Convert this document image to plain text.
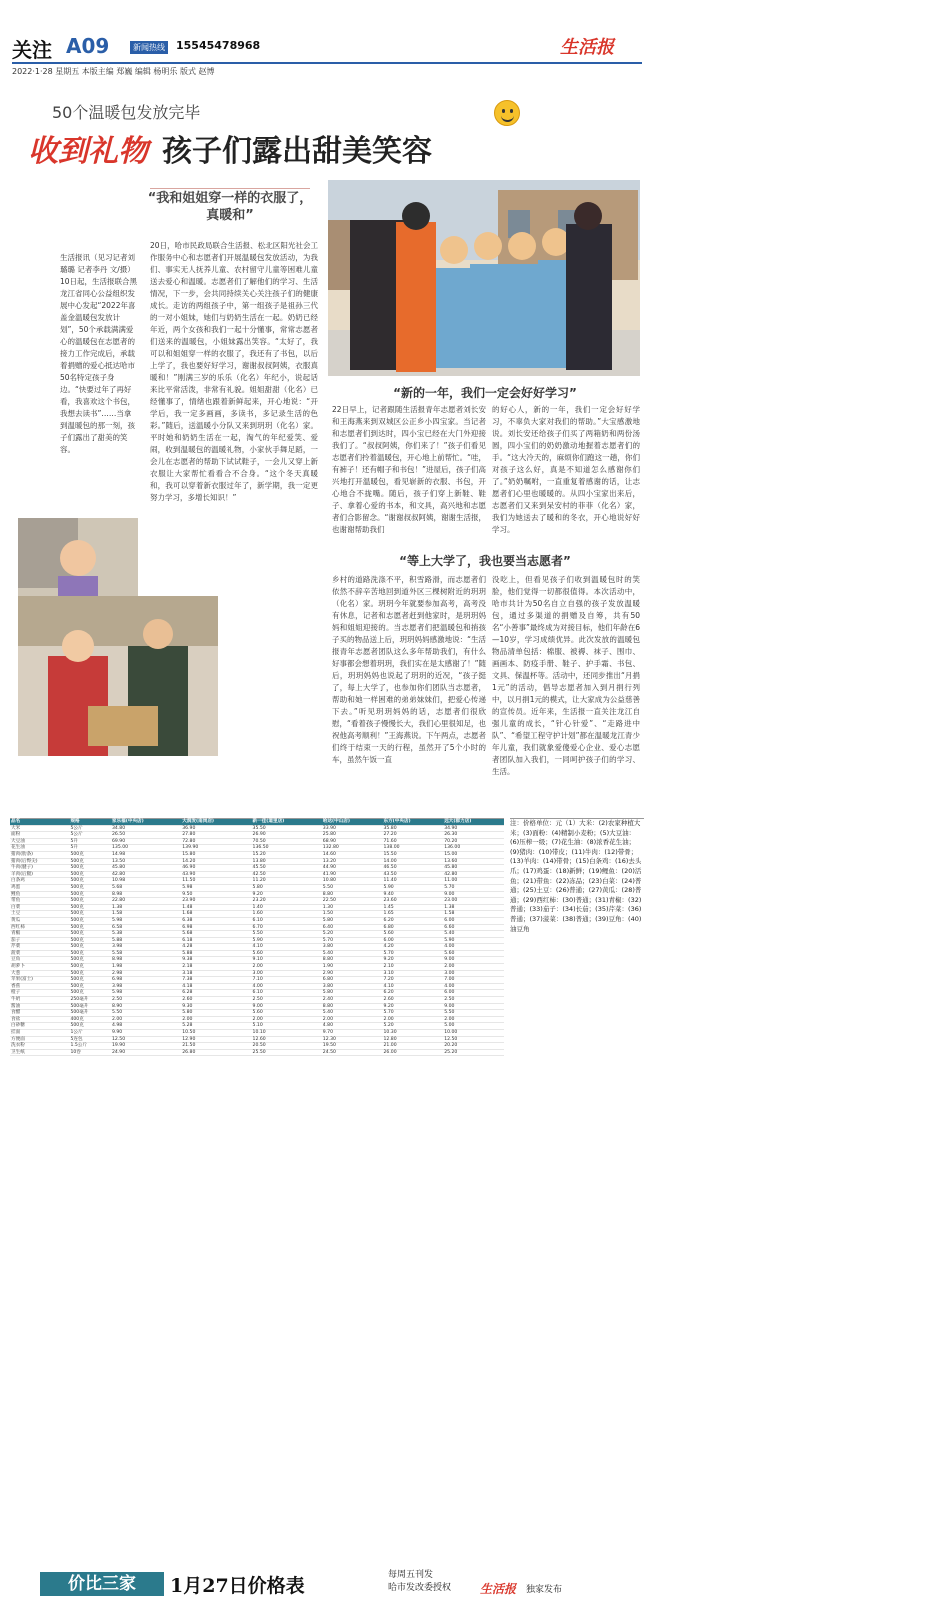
关注 A09	新闻热线 15545478968	生活报
2022·1·28 星期五 本版主编 郑巍 编辑 杨明乐 版式 赵博
50个温暖包发放完毕
收到礼物 孩子们露出甜美笑容
生活报讯（见习记者刘璐璐 记者李丹 文/摄）10日起，生活报联合黑龙江省同心公益组织发展中心发起“2022年喜盖金温暖包发放计划”，50个承载满满爱心的温暖包在志愿者的接力工作完成后，承载着捐赠的爱心抵达哈市50名特定孩子身边。“快要过年了再好看，我喜欢这个书包，我想去读书”……当拿到温暖包的那一刻，孩子们露出了甜美的笑容。
“我和姐姐穿一样的衣服了，真暖和”
20日，哈市民政局联合生活报、松北区阳光社会工作服务中心和志愿者们开展温暖包发放活动，为我们、事实无人抚养儿童、农村留守儿童等困难儿童送去爱心和温暖。志愿者们了解他们的学习、生活情况，下一步，会共同持续关心关注孩子们的健康成长。走访的两组孩子中，第一组孩子是祖孙三代的一对小姐妹，她们与奶奶生活在一起。奶奶已经年近，两个女孩和我们一起十分懂事，常常志愿者们送来的温暖包，小姐妹露出笑容。“太好了，我可以和姐姐穿一样的衣服了，我还有了书包，以后上学了，我也要好好学习，谢谢叔叔阿姨，衣服真暖和！”刚满三岁的乐乐（化名）年纪小，说起话来比平常活泼，非常有礼貌。姐姐甜甜（化名）已经懂事了，情绪也跟着新鲜起来，开心地说：“开学后，我一定多画画，多读书，多记录生活的色彩。”随后，送温暖小分队又来到玥玥（化名）家。平时她和奶奶生活在一起，淘气的年纪爱笑、爱闹，收到温暖包的温暖礼物，小家伙手舞足蹈，一会儿在志愿者的帮助下试试鞋子，一会儿又穿上新衣服让大家帮忙看看合不合身。“这个冬天真暖和，我可以穿着新衣服过年了，新学期，我一定更努力学习，多增长知识！”
发放现场
“新的一年，我们一定会好好学习”
22日早上，记者跟随生活报青年志愿者刘长安和王海燕来到双城区公正乡小四宝家。当记者和志愿者们到达时，四小宝已经在大门外迎接我们了。“叔叔阿姨，你们来了！”孩子们看见志愿者们拎着温暖包，开心地上前帮忙。“哇，有裤子！还有帽子和书包！”进屋后，孩子们高兴地打开温暖包，看见崭新的衣服、书包，开心地合不拢嘴。随后，孩子们穿上新鞋、鞋子、拿着心爱的书本，和文具，高兴地和志愿者们合影留念。“谢谢叔叔阿姨，谢谢生活报，也谢谢帮助我们
的好心人，新的一年，我们一定会好好学习，不辜负大家对我们的帮助。”大宝感激地说。刘长安还给孩子们买了两箱奶和两份汤圆，四小宝们的奶奶激动地握着志愿者们的手。“这大冷天的，麻烦你们跑这一趟，你们对孩子这么好，真是不知道怎么感谢你们了。”奶奶嘱咐，一直重复着感谢的话，让志愿者们心里也暖暖的。从四小宝家出来后，志愿者们又来到呆安村的菲菲（化名）家，我们为她送去了暖和的冬衣，开心地说好好学习。
“等上大学了，我也要当志愿者”
乡村的道路洗涤不平，积雪路滑，而志愿者们依然不辞辛苦地回到道外区三棵树附近的玥玥（化名）家。玥玥今年就要参加高考，高考没有休息，记者和志愿者赶到他家时，是玥玥妈妈和姐姐迎接的。当志愿者们把温暖包和捎孩子买的物品送上后，玥玥妈妈感激地说：“生活报青年志愿者团队这么多年帮助我们，有什么好事都会想着玥玥，我们实在是太感谢了！”随后，玥玥妈妈也说起了玥玥的近况，“孩子挺了，每上大学了，也参加你们团队当志愿者，帮助和她一样困难的弟弟妹妹们，把爱心传递下去。”听见玥玥妈妈的话，志愿者们很欣慰，“看着孩子慢慢长大，我们心里很知足，也祝他高考顺利！”王海燕说。下午两点，志愿者们终于结束一天的行程，虽然开了5个小时的车，虽然午饭一直
没吃上，但看见孩子们收到温暖包时的笑脸，他们觉得一切都很值得。本次活动中，哈市共计为50名自立自强的孩子发放温暖包，通过多渠道的捐赠及自筹，共有50名“小善事”最终成为对接目标，他们年龄在6—10岁，学习成绩优异。此次发放的温暖包物品清单包括：棉服、被褥、袜子、围巾、画画本、防疫手册、鞋子、护手霜、书包、文具、保温杯等。活动中，还同步推出“月捐1元”的活动，倡导志愿者加入到月捐行列中，以月捐1元的模式，让大家成为公益慈善的宣传员。近年来，生活报一直关注龙江自强儿童的成长，“针心针爱”、“走路进中队”、“希望工程守护计划”都在温暖龙江青少年儿童，我们就象爱傻爱心企业、爱心志愿者团队加入我们，一同呵护孩子们的学习、生活。
价比三家	1月27日价格表	每周五刊发
哈市发改委授权 生活报 独家发布
品名	规格	家乐福(中央店)	大润发(南岗店)	新一佳(道里店)	哈达(中山店)	东方(中央店)	远大(群力店)
大米	5公斤	34.80	36.90	35.50	33.90	35.80	34.90
面粉	5公斤	26.50	27.80	26.90	25.80	27.20	26.30
大豆油	5升	69.90	72.80	70.50	68.90	71.60	70.20
花生油	5升	135.00	139.90	136.50	132.80	138.00	136.00
猪肉(肋条)	500克	14.98	15.80	15.20	14.60	15.50	15.00
猪肉(后臀尖)	500克	13.50	14.20	13.80	13.20	14.00	13.60
牛肉(腱子)	500克	45.80	46.90	45.50	44.90	46.50	45.80
羊肉(后腿)	500克	42.80	43.90	42.50	41.90	43.50	42.80
白条鸡	500克	10.98	11.50	11.20	10.80	11.40	11.00
鸡蛋	500克	5.68	5.98	5.80	5.50	5.90	5.70
鲤鱼	500克	8.98	9.50	9.20	8.80	9.40	9.00
带鱼	500克	22.80	23.90	23.20	22.50	23.60	23.00
白菜	500克	1.38	1.48	1.40	1.30	1.45	1.38
土豆	500克	1.58	1.68	1.60	1.50	1.65	1.58
黄瓜	500克	5.98	6.38	6.10	5.80	6.20	6.00
西红柿	500克	6.58	6.98	6.70	6.40	6.80	6.60
青椒	500克	5.38	5.68	5.50	5.20	5.60	5.40
茄子	500克	5.88	6.18	5.90	5.70	6.00	5.90
芹菜	500克	3.98	4.28	4.10	3.80	4.20	4.00
菠菜	500克	5.58	5.88	5.60	5.40	5.70	5.60
豆角	500克	8.98	9.38	9.10	8.80	9.20	9.00
胡萝卜	500克	1.98	2.18	2.00	1.90	2.10	2.00
大葱	500克	2.98	3.18	3.00	2.90	3.10	3.00
苹果(富士)	500克	6.98	7.38	7.10	6.80	7.20	7.00
香蕉	500克	3.98	4.18	4.00	3.80	4.10	4.00
橙子	500克	5.98	6.28	6.10	5.80	6.20	6.00
牛奶	250毫升	2.50	2.60	2.50	2.40	2.60	2.50
酱油	500毫升	8.90	9.30	9.00	8.80	9.20	9.00
食醋	500毫升	5.50	5.80	5.60	5.40	5.70	5.50
食盐	400克	2.00	2.00	2.00	2.00	2.00	2.00
白砂糖	500克	4.98	5.28	5.10	4.80	5.20	5.00
挂面	1公斤	9.90	10.50	10.10	9.70	10.30	10.00
方便面	5连包	12.50	12.90	12.60	12.30	12.80	12.50
洗衣粉	1.5公斤	19.90	21.50	20.50	19.50	21.00	20.20
卫生纸	10卷	24.90	26.80	25.50	24.50	26.00	25.20
注：价格单位：元（1）大米：(2)农家种植大米；(3)面粉：(4)精制小麦粉；(5)大豆油：(6)压榨一级；(7)花生油：(8)浓香花生油；(9)猪肉：(10)带皮；(11)牛肉：(12)带骨；(13)羊肉：(14)带骨；(15)白条鸡：(16)去头爪；(17)鸡蛋：(18)新鲜；(19)鲤鱼：(20)活鱼；(21)带鱼：(22)冻品；(23)白菜：(24)普通；(25)土豆：(26)普通；(27)黄瓜：(28)普通；(29)西红柿：(30)普通；(31)青椒：(32)普通；(33)茄子：(34)长茄；(35)芹菜：(36)普通；(37)菠菜：(38)普通；(39)豆角：(40)油豆角
